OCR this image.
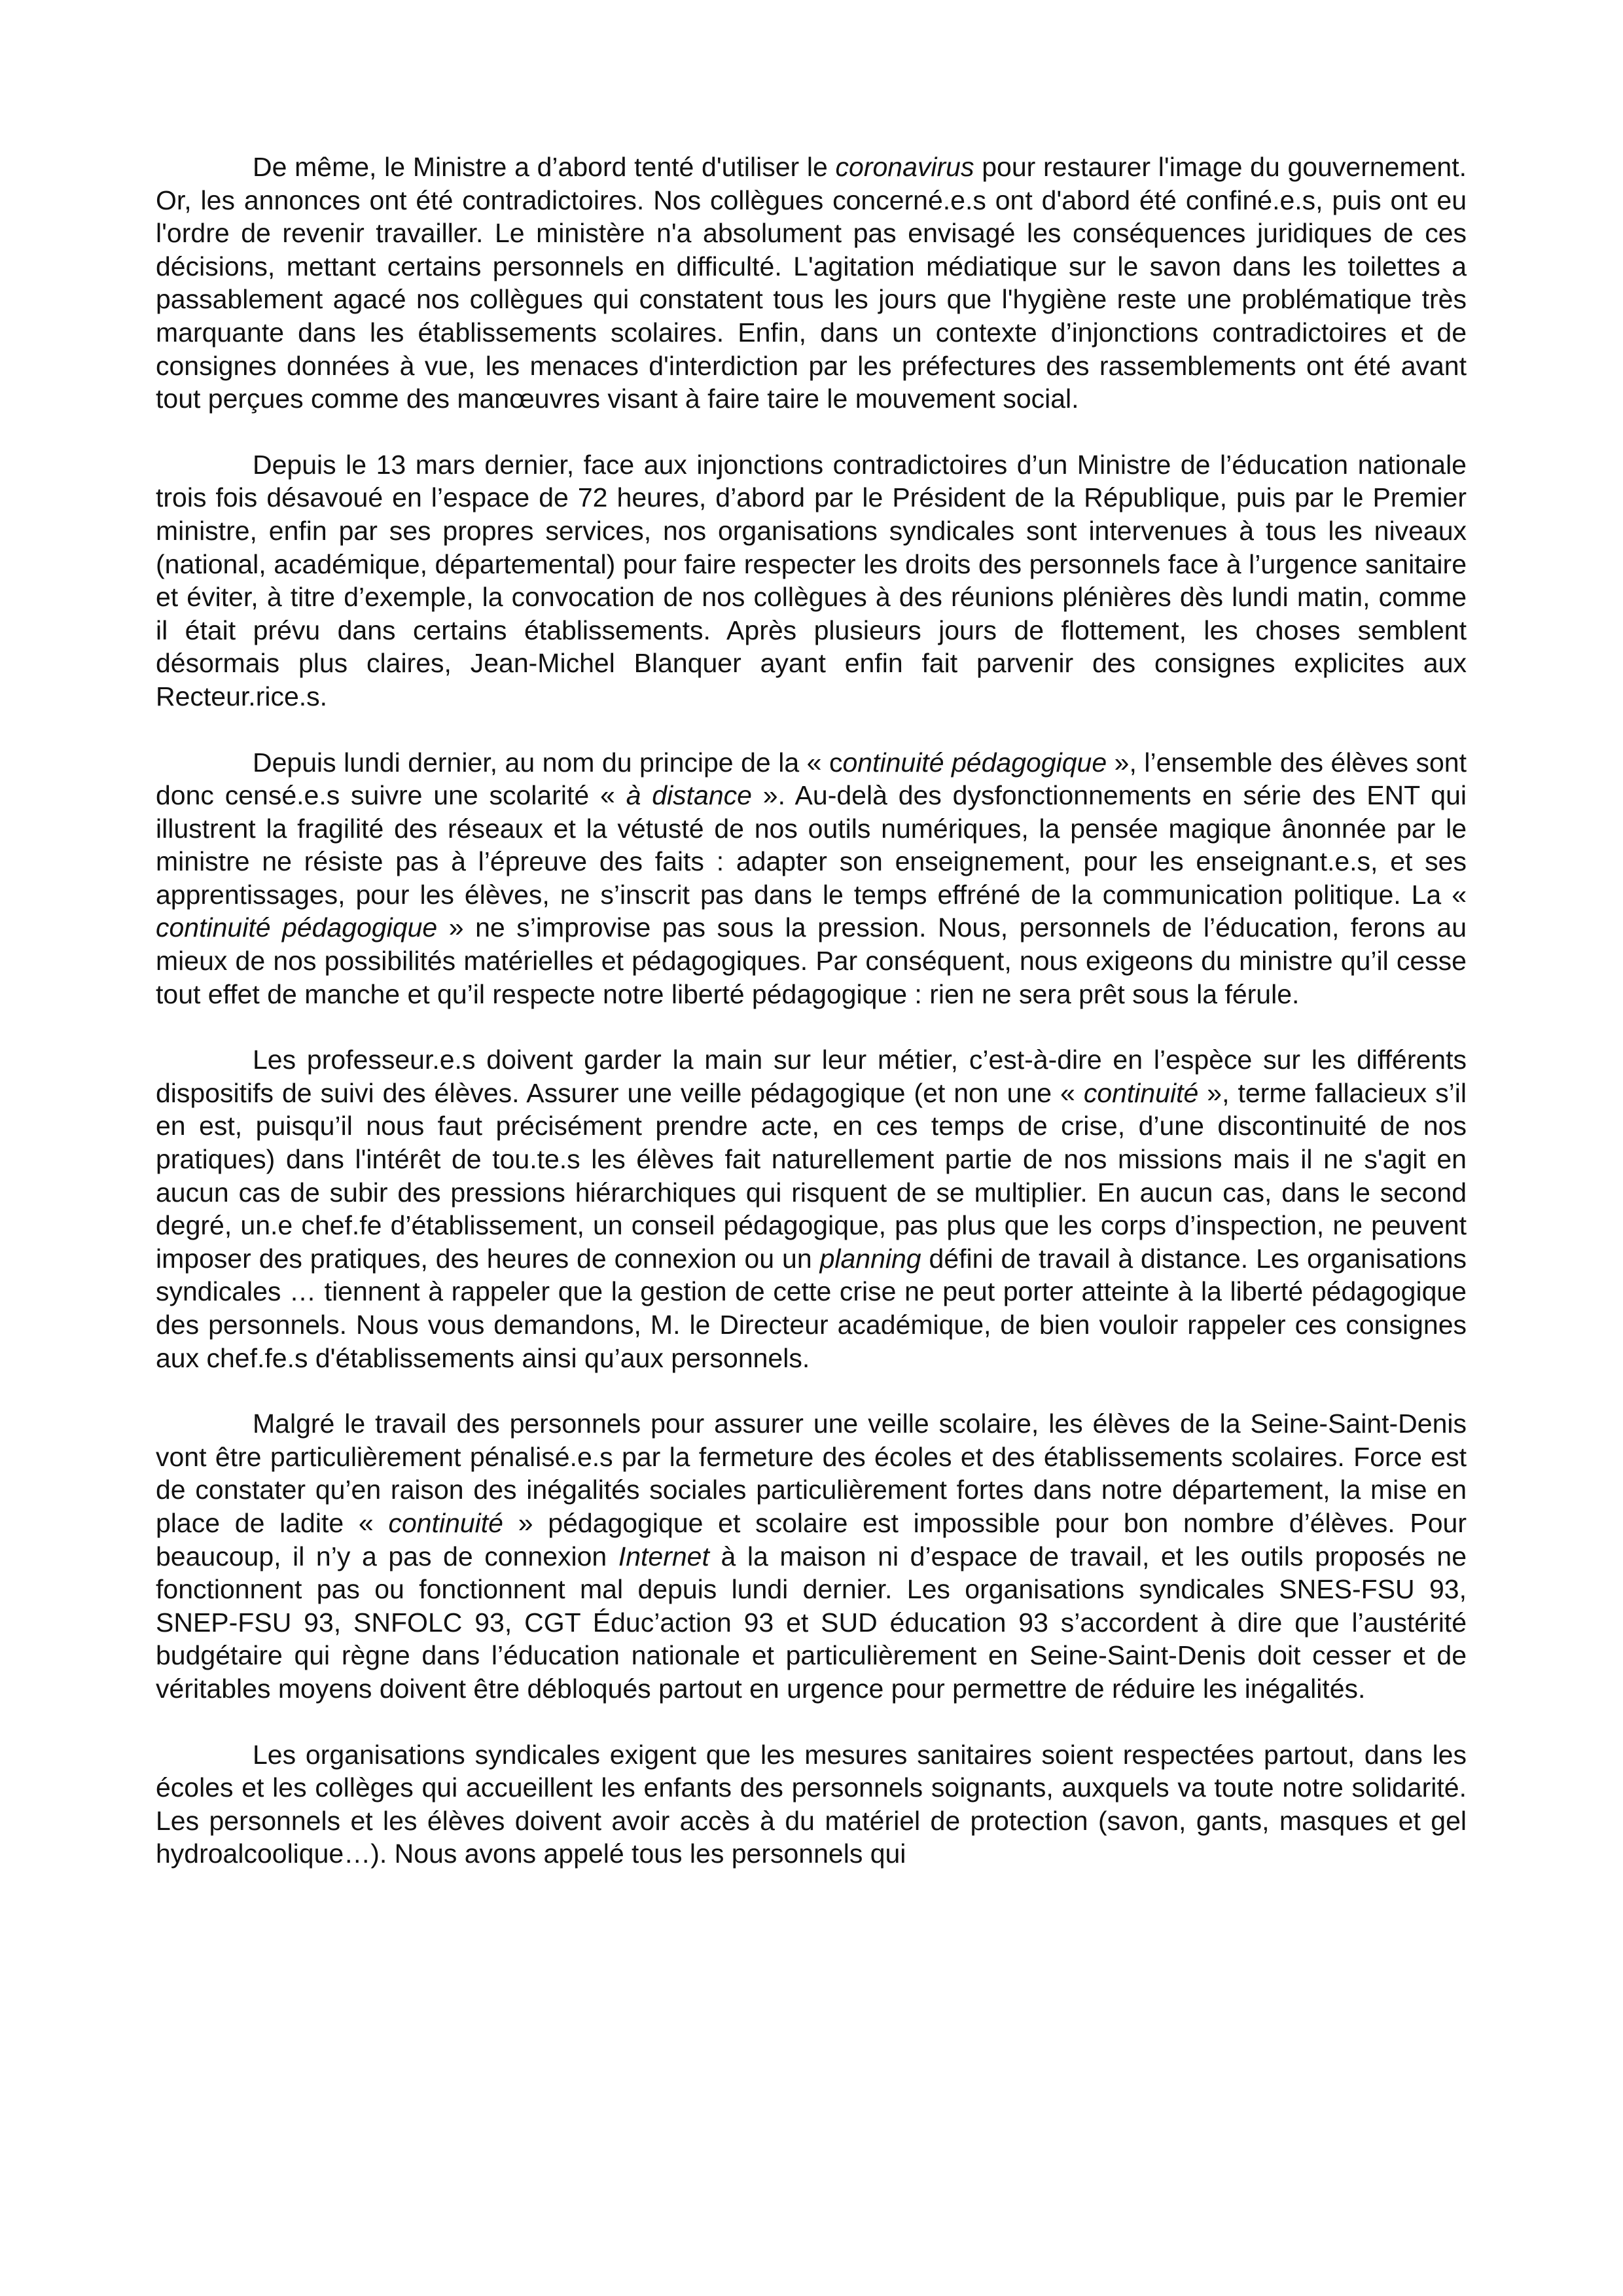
De même, le Ministre a d’abord tenté d'utiliser le coronavirus pour restaurer l'image du gouvernement. Or, les annonces ont été contradictoires. Nos collègues concerné.e.s ont d'abord été confiné.e.s, puis ont eu l'ordre de revenir travailler. Le ministère n'a absolument pas envisagé les conséquences juridiques de ces décisions, mettant certains personnels en difficulté. L'agitation médiatique sur le savon dans les toilettes a passablement agacé nos collègues qui constatent tous les jours que l'hygiène reste une problématique très marquante dans les établissements scolaires. Enfin, dans un contexte d’injonctions contradictoires et de consignes données à vue, les menaces d'interdiction par les préfectures des rassemblements ont été avant tout perçues comme des manœuvres visant à faire taire le mouvement social.

Depuis le 13 mars dernier, face aux injonctions contradictoires d’un Ministre de l’éducation nationale trois fois désavoué en l’espace de 72 heures, d’abord par le Président de la République, puis par le Premier ministre, enfin par ses propres services, nos organisations syndicales sont intervenues à tous les niveaux (national, académique, départemental) pour faire respecter les droits des personnels face à l’urgence sanitaire et éviter, à titre d’exemple, la convocation de nos collègues à des réunions plénières dès lundi matin, comme il était prévu dans certains établissements. Après plusieurs jours de flottement, les choses semblent désormais plus claires, Jean-Michel Blanquer ayant enfin fait parvenir des consignes explicites aux Recteur.rice.s.

Depuis lundi dernier, au nom du principe de la « continuité pédagogique », l’ensemble des élèves sont donc censé.e.s suivre une scolarité « à distance ». Au-delà des dysfonctionnements en série des ENT qui illustrent la fragilité des réseaux et la vétusté de nos outils numériques, la pensée magique ânonnée par le ministre ne résiste pas à l’épreuve des faits : adapter son enseignement, pour les enseignant.e.s, et ses apprentissages, pour les élèves, ne s’inscrit pas dans le temps effréné de la communication politique. La « continuité pédagogique » ne s’improvise pas sous la pression. Nous, personnels de l’éducation, ferons au mieux de nos possibilités matérielles et pédagogiques. Par conséquent, nous exigeons du ministre qu’il cesse tout effet de manche et qu’il respecte notre liberté pédagogique : rien ne sera prêt sous la férule.

Les professeur.e.s doivent garder la main sur leur métier, c’est-à-dire en l’espèce sur les différents dispositifs de suivi des élèves. Assurer une veille pédagogique (et non une « continuité », terme fallacieux s’il en est, puisqu’il nous faut précisément prendre acte, en ces temps de crise, d’une discontinuité de nos pratiques) dans l'intérêt de tou.te.s les élèves fait naturellement partie de nos missions mais il ne s'agit en aucun cas de subir des pressions hiérarchiques qui risquent de se multiplier. En aucun cas, dans le second degré, un.e chef.fe d’établissement, un conseil pédagogique, pas plus que les corps d’inspection, ne peuvent imposer des pratiques, des heures de connexion ou un planning défini de travail à distance. Les organisations syndicales … tiennent à rappeler que la gestion de cette crise ne peut porter atteinte à la liberté pédagogique des personnels. Nous vous demandons, M. le Directeur académique, de bien vouloir rappeler ces consignes aux chef.fe.s d'établissements ainsi qu’aux personnels.

Malgré le travail des personnels pour assurer une veille scolaire, les élèves de la Seine-Saint-Denis vont être particulièrement pénalisé.e.s par la fermeture des écoles et des établissements scolaires. Force est de constater qu’en raison des inégalités sociales particulièrement fortes dans notre département, la mise en place de ladite « continuité » pédagogique et scolaire est impossible pour bon nombre d’élèves. Pour beaucoup, il n’y a pas de connexion Internet à la maison ni d’espace de travail, et les outils proposés ne fonctionnent pas ou fonctionnent mal depuis lundi dernier. Les organisations syndicales SNES-FSU 93, SNEP-FSU 93, SNFOLC 93, CGT Éduc’action 93 et SUD éducation 93 s’accordent à dire que l’austérité budgétaire qui règne dans l’éducation nationale et particulièrement en Seine-Saint-Denis doit cesser et de véritables moyens doivent être débloqués partout en urgence pour permettre de réduire les inégalités.

Les organisations syndicales exigent que les mesures sanitaires soient respectées partout, dans les écoles et les collèges qui accueillent les enfants des personnels soignants, auxquels va toute notre solidarité. Les personnels et les élèves doivent avoir accès à du matériel de protection (savon, gants, masques et gel hydroalcoolique…). Nous avons appelé tous les personnels qui
